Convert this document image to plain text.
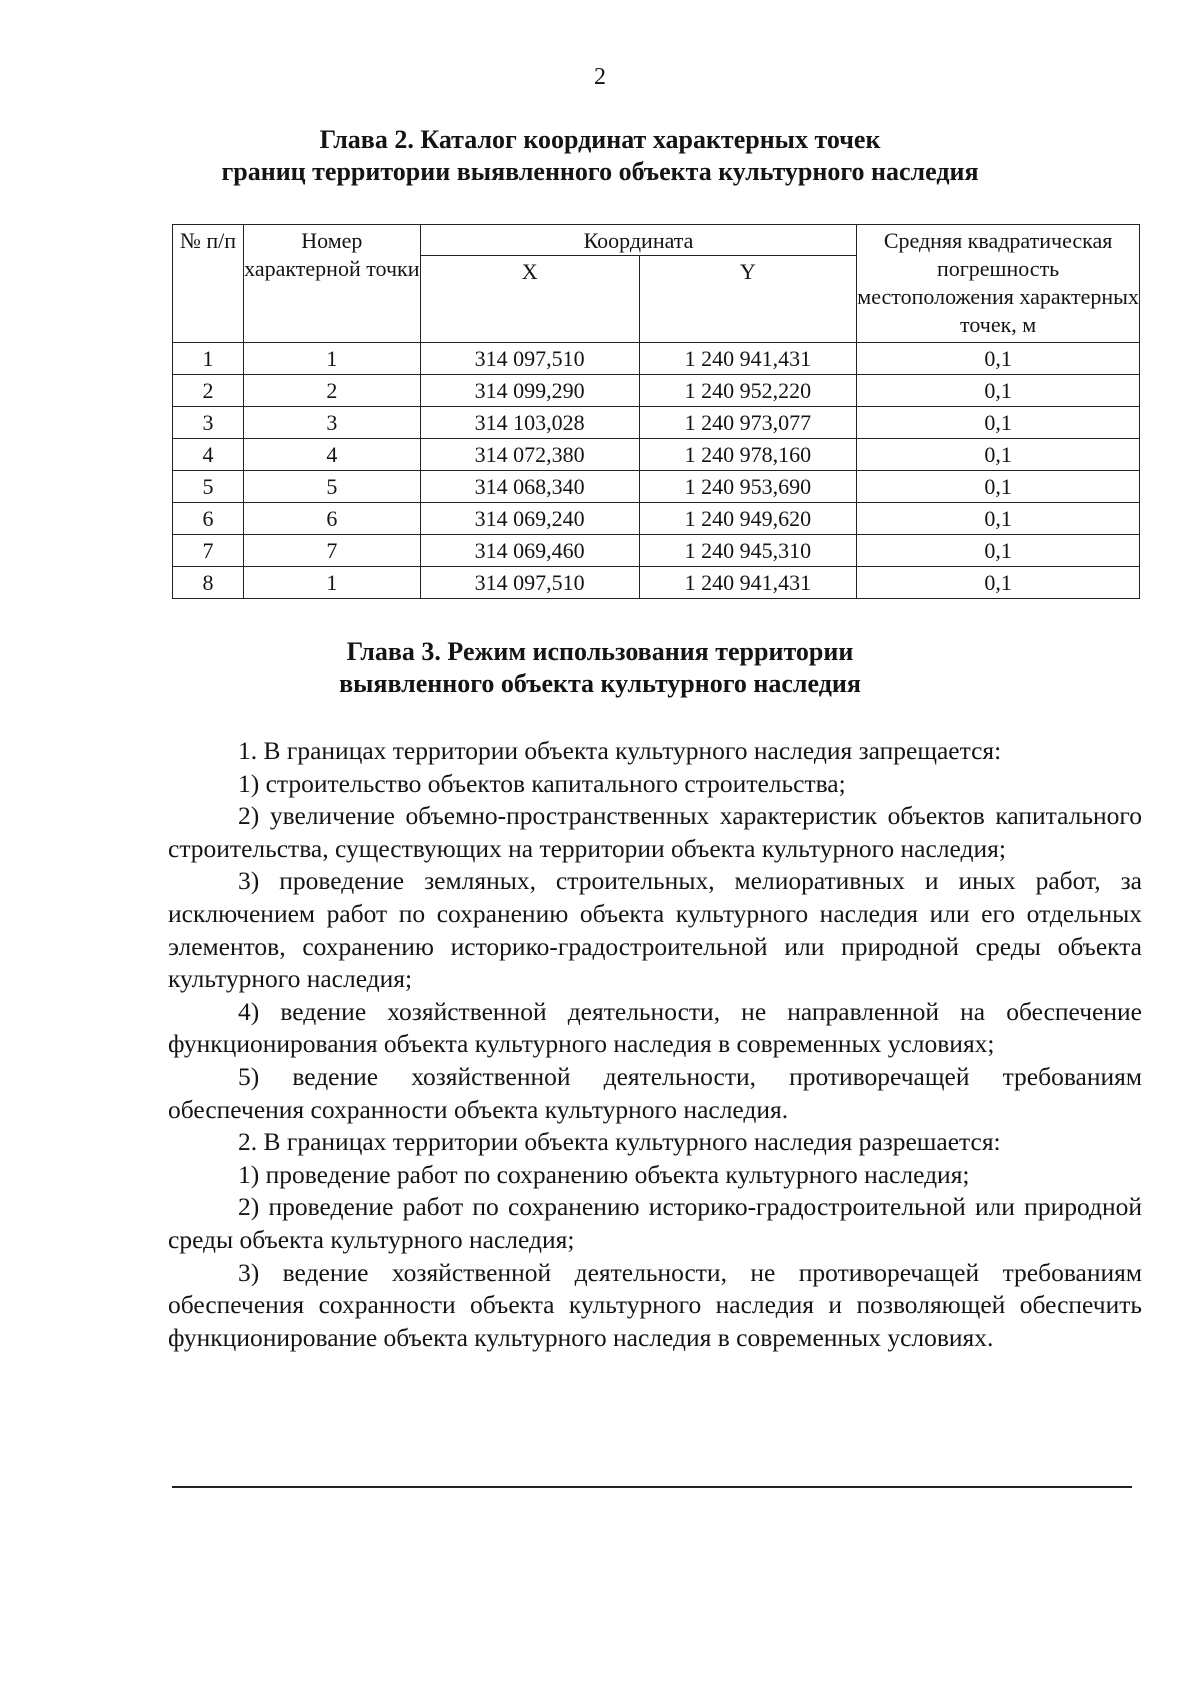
2
Глава 2. Каталог координат характерных точек
границ территории выявленного объекта культурного наследия
№ п/п	Номер характерной точки	Координата		Средняя квадратическая погрешность местоположения характерных точек, м
		X	Y	
1	1	314 097,510	1 240 941,431	0,1
2	2	314 099,290	1 240 952,220	0,1
3	3	314 103,028	1 240 973,077	0,1
4	4	314 072,380	1 240 978,160	0,1
5	5	314 068,340	1 240 953,690	0,1
6	6	314 069,240	1 240 949,620	0,1
7	7	314 069,460	1 240 945,310	0,1
8	1	314 097,510	1 240 941,431	0,1
Глава 3. Режим использования территории
выявленного объекта культурного наследия

1. В границах территории объекта культурного наследия запрещается:

1) строительство объектов капитального строительства;

2) увеличение объемно-пространственных характеристик объектов капитального строительства, существующих на территории объекта культурного наследия;

3) проведение земляных, строительных, мелиоративных и иных работ, за исключением работ по сохранению объекта культурного наследия или его отдельных элементов, сохранению историко-градостроительной или природной среды объекта культурного наследия;

4) ведение хозяйственной деятельности, не направленной на обеспечение функционирования объекта культурного наследия в современных условиях;

5) ведение хозяйственной деятельности, противоречащей требованиям обеспечения сохранности объекта культурного наследия.

2. В границах территории объекта культурного наследия разрешается:

1) проведение работ по сохранению объекта культурного наследия;

2) проведение работ по сохранению историко-градостроительной или природной среды объекта культурного наследия;

3) ведение хозяйственной деятельности, не противоречащей требованиям обеспечения сохранности объекта культурного наследия и позволяющей обеспечить функционирование объекта культурного наследия в современных условиях.
